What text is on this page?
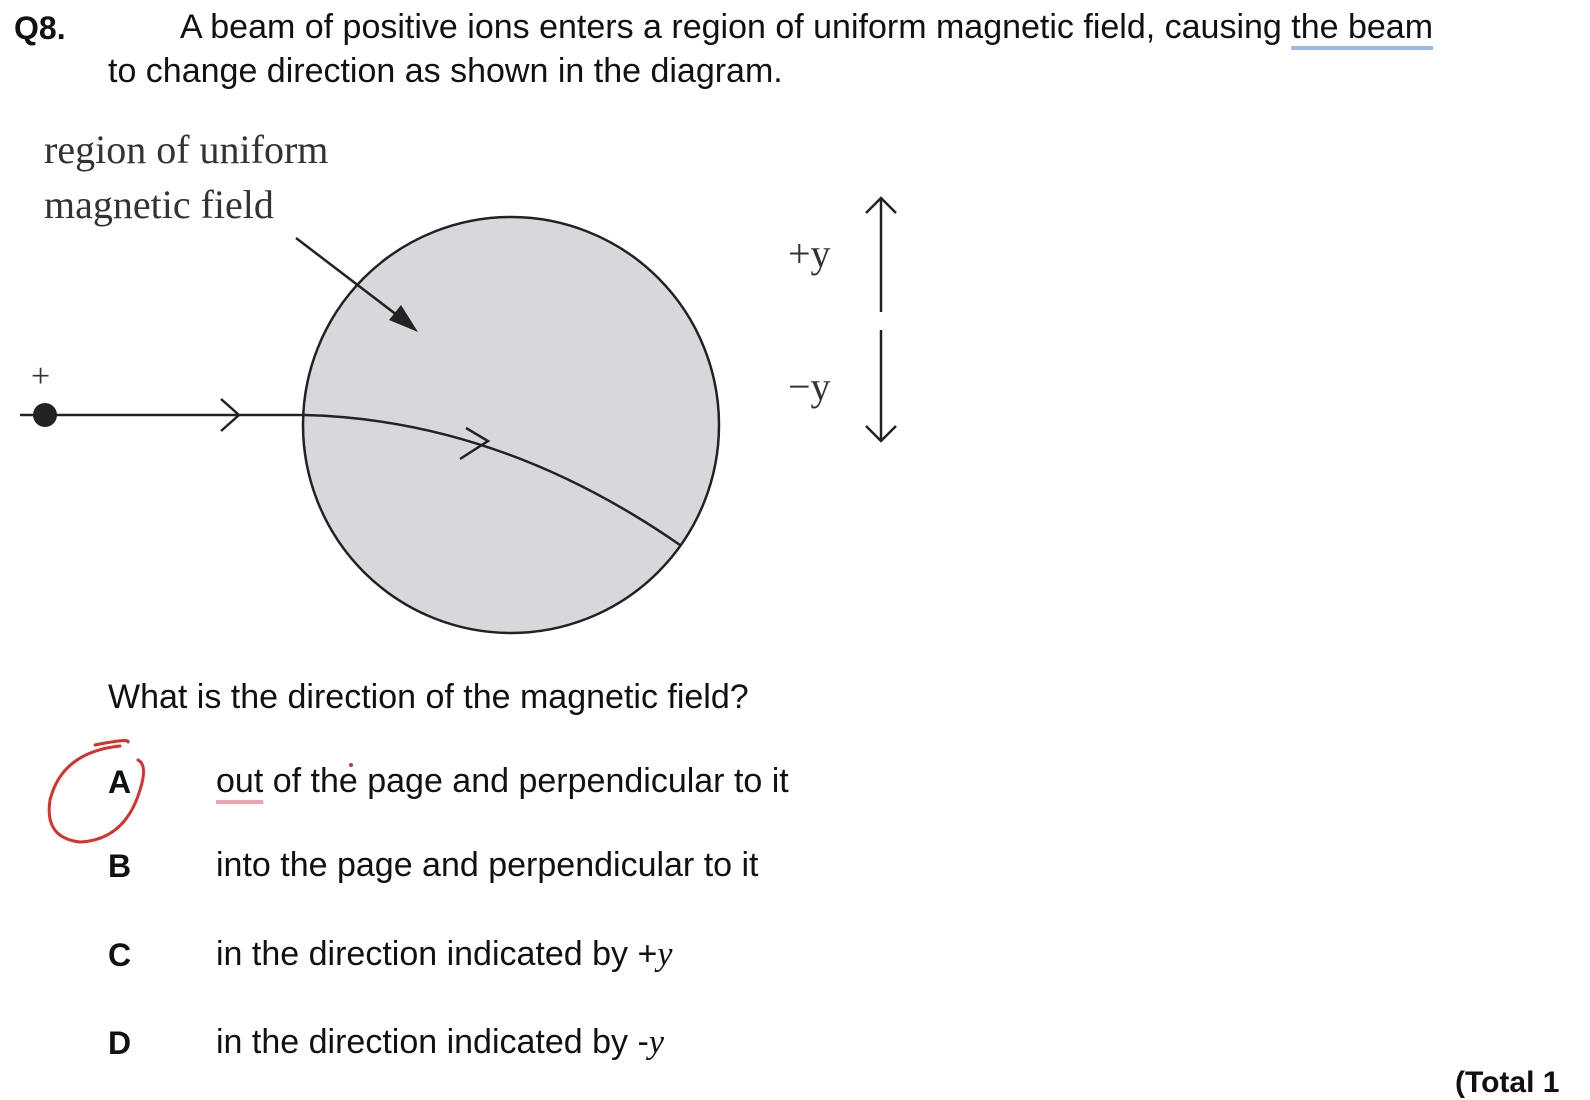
Q8.	A beam of positive ions enters a region of uniform magnetic field, causing the beam
to change direction as shown in the diagram.
region of uniform
magnetic field
+
+y
−y
What is the direction of the magnetic field?
A out of the page and perpendicular to it
B into the page and perpendicular to it
C in the direction indicated by +y
D in the direction indicated by -y
(Total 1
